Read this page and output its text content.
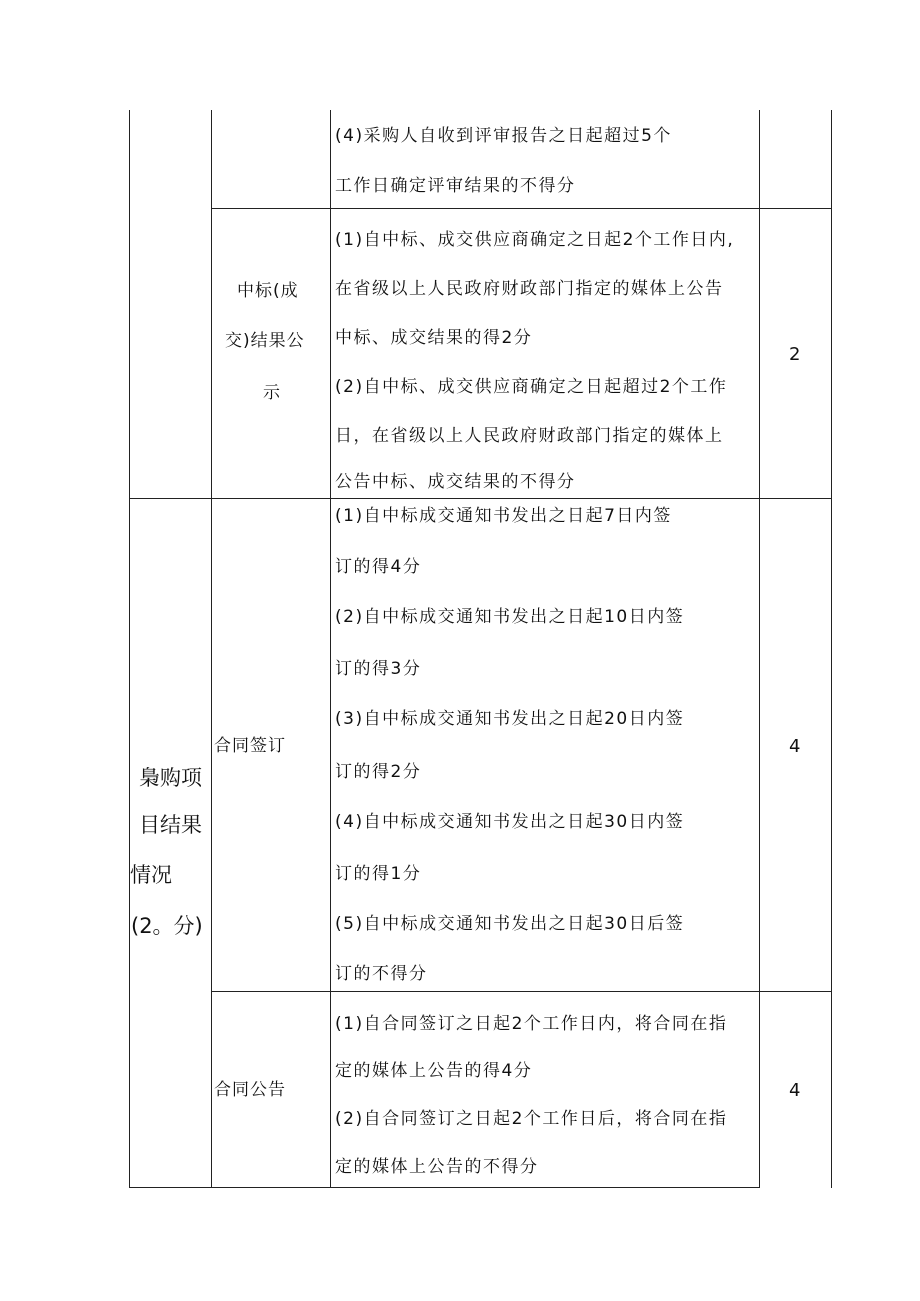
梟购项
目结果
情况
(2。分)
(4)采购人自收到评审报告之日起超过5个
工作日确定评审结果的不得分
中标(成
交)结果公
示
(1)自中标、成交供应商确定之日起2个工作日内,
在省级以上人民政府财政部门指定的媒体上公告
中标、成交结果的得2分
(2)自中标、成交供应商确定之日起超过2个工作
日，在省级以上人民政府财政部门指定的媒体上
公告中标、成交结果的不得分
2
合同签订
(1)自中标成交通知书发出之日起7日内签
订的得4分
(2)自中标成交通知书发出之日起10日内签
订的得3分
(3)自中标成交通知书发出之日起20日内签
订的得2分
(4)自中标成交通知书发出之日起30日内签
订的得1分
(5)自中标成交通知书发出之日起30日后签
订的不得分
4
合同公告
(1)自合同签订之日起2个工作日内，将合同在指
定的媒体上公告的得4分
(2)自合同签订之日起2个工作日后，将合同在指
定的媒体上公告的不得分
4
